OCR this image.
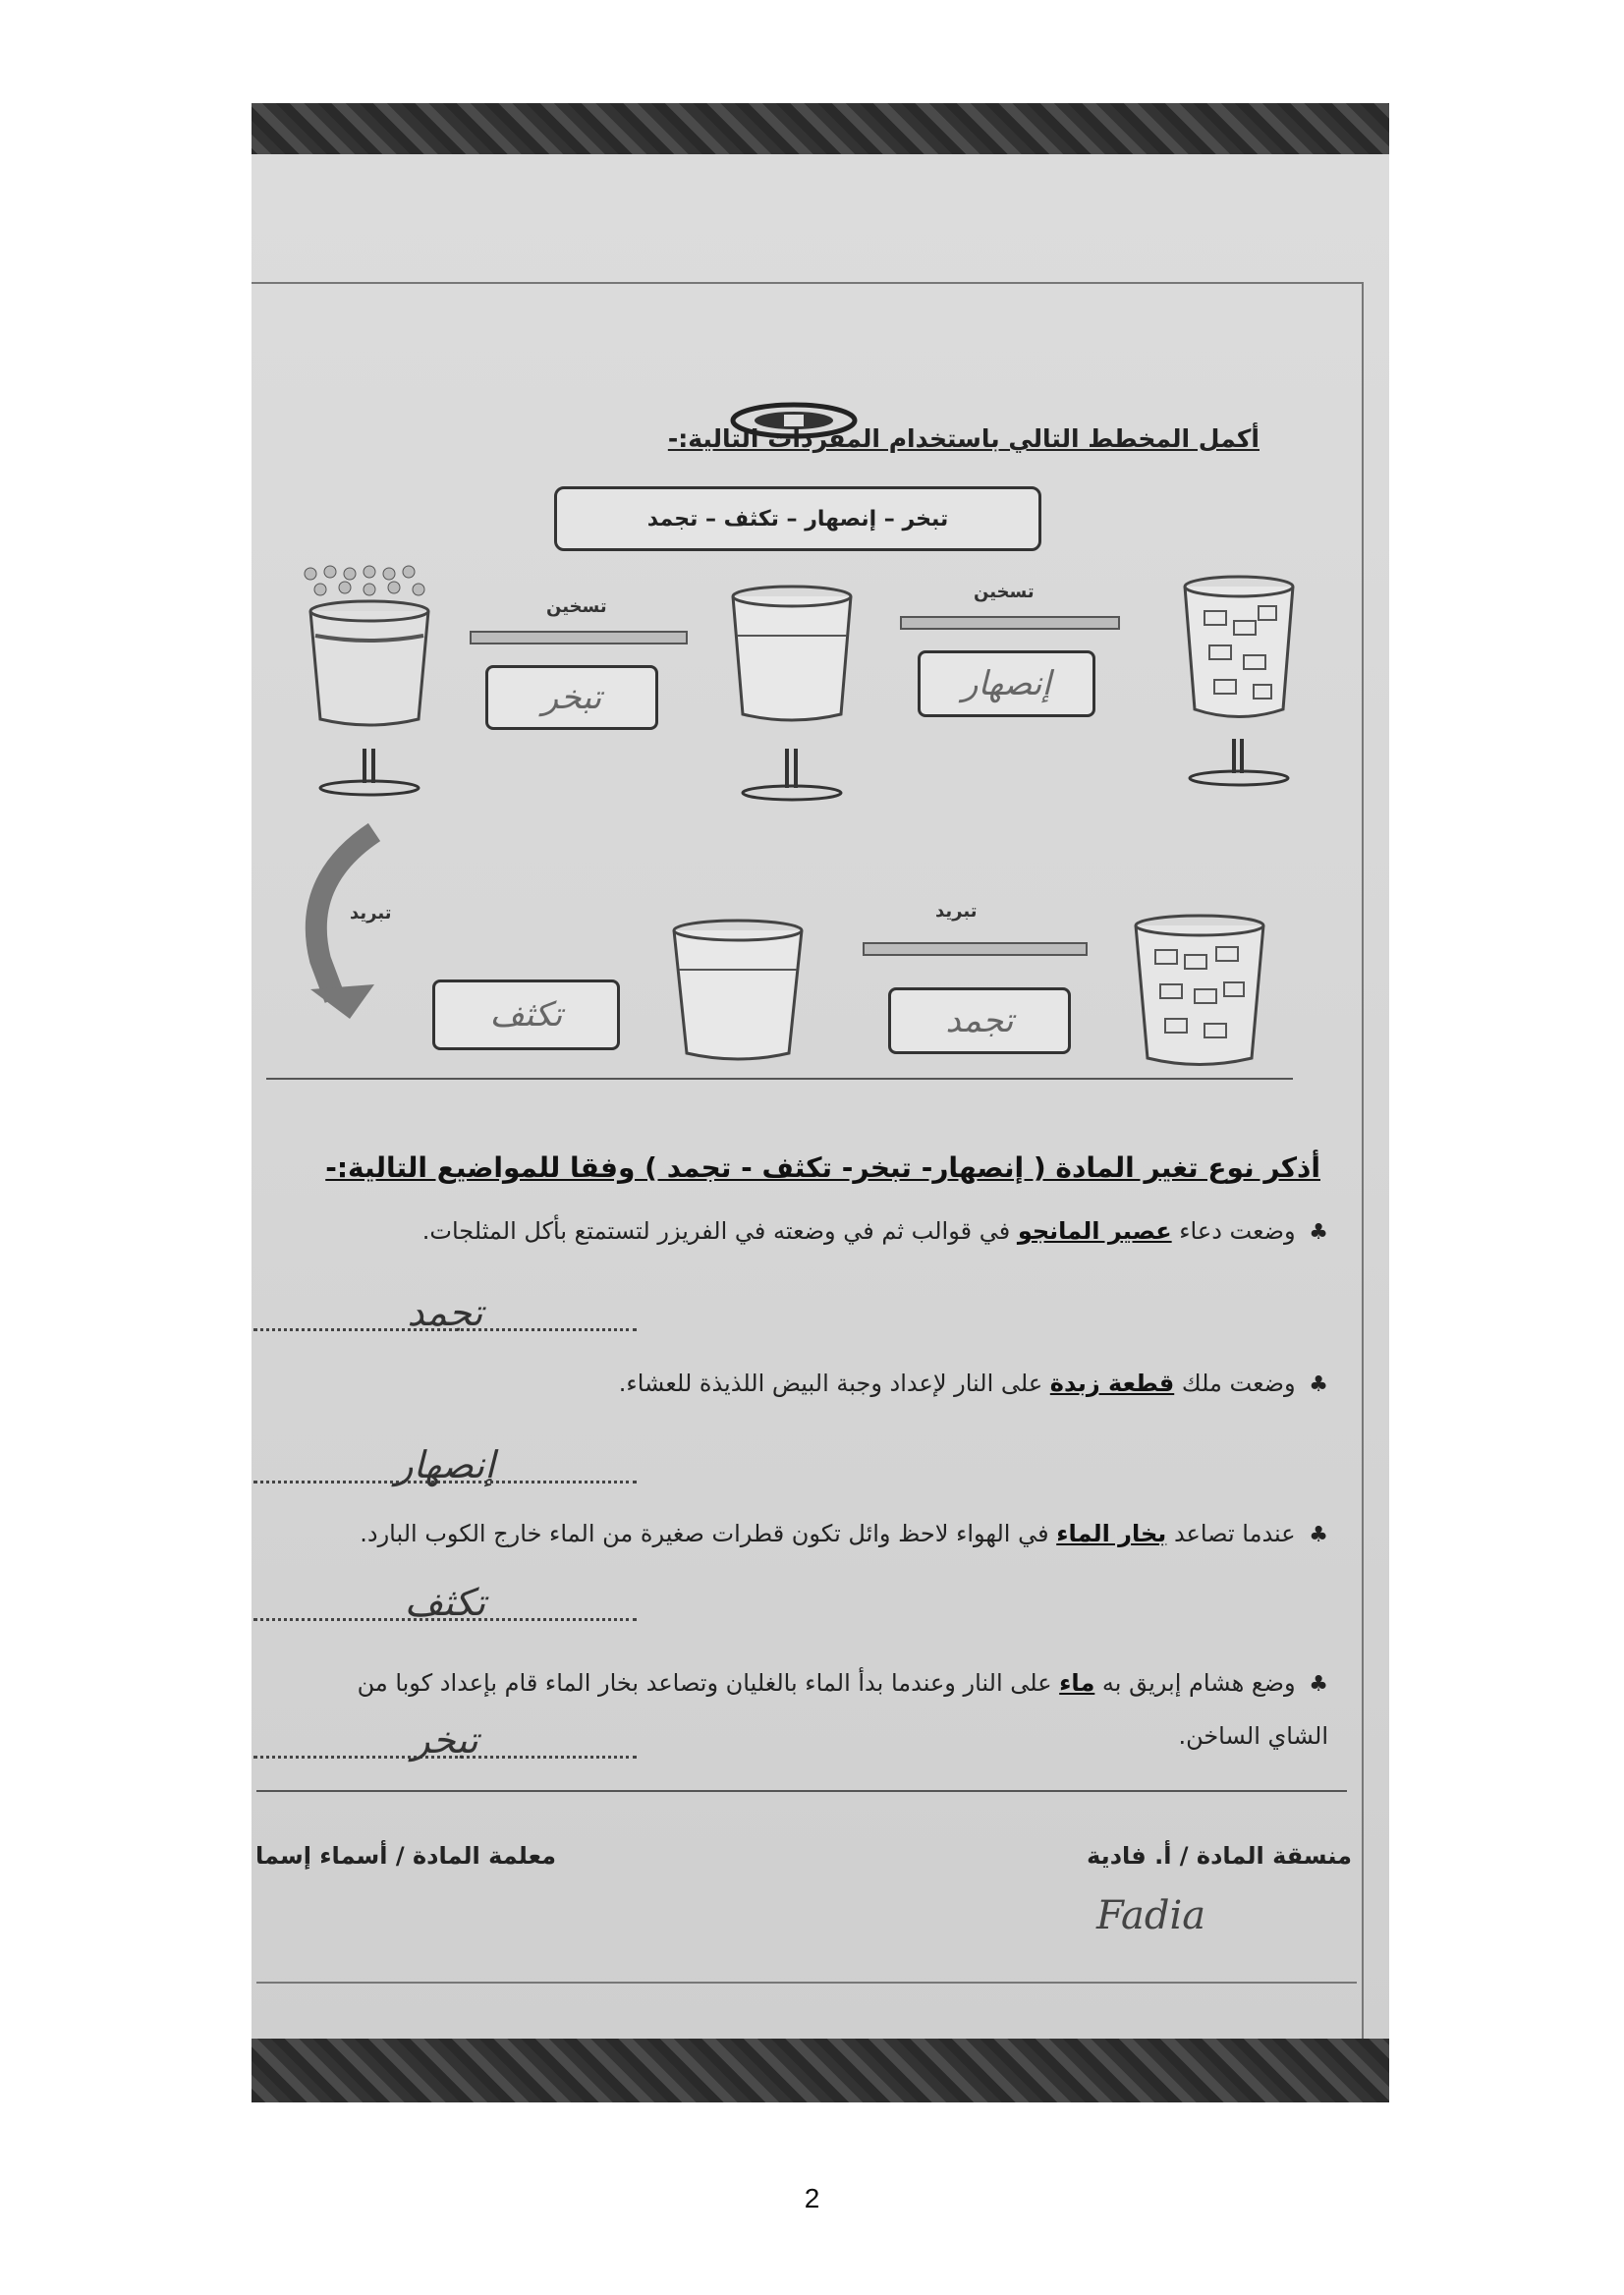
أكمل المخطط التالي باستخدام المفردات التالية:-
تبخر – إنصهار – تكثف – تجمد
تسخين
إنصهار
تسخين
تبخر
تبريد
تكثف
تبريد
تجمد
أذكر نوع تغير المادة ( إنصهار- تبخر- تكثف - تجمد ) وفقا للمواضيع التالية:-
♣ وضعت دعاء عصير المانجو في قوالب ثم في وضعته في الفريزر لتستمتع بأكل المثلجات.
تجمد
♣ وضعت ملك قطعة زبدة على النار لإعداد وجبة البيض اللذيذة للعشاء.
إنصهار
♣ عندما تصاعد بخار الماء في الهواء لاحظ وائل تكون قطرات صغيرة من الماء خارج الكوب البارد.
تكثف
♣ وضع هشام إبريق به ماء على النار وعندما بدأ الماء بالغليان وتصاعد بخار الماء قام بإعداد كوبا من الشاي الساخن.
تبخر
منسقة المادة / أ. فادية
معلمة المادة / أسماء إسما
Fadia
2
